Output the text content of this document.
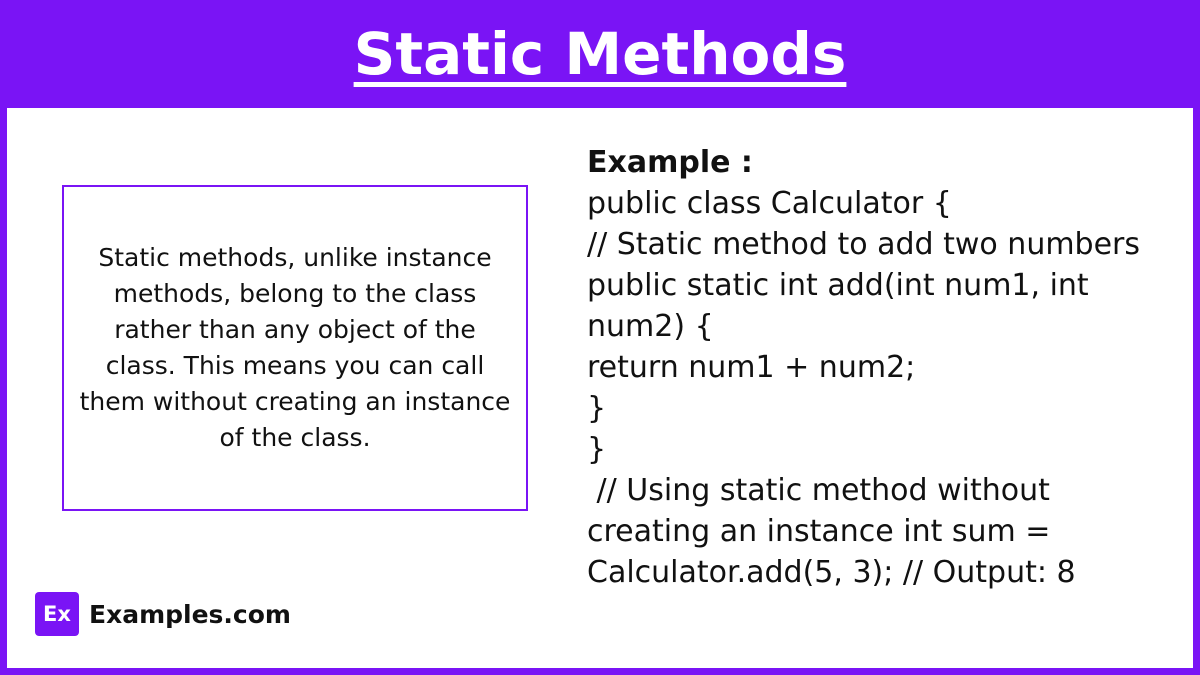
Static Methods

Static methods, unlike instance methods, belong to the class rather than any object of the class. This means you can call them without creating an instance of the class.

Ex Examples.com
Example :
public class Calculator {
// Static method to add two numbers
public static int add(int num1, int num2) {
return num1 + num2;
}
}
// Using static method without creating an instance int sum = Calculator.add(5, 3); // Output: 8
